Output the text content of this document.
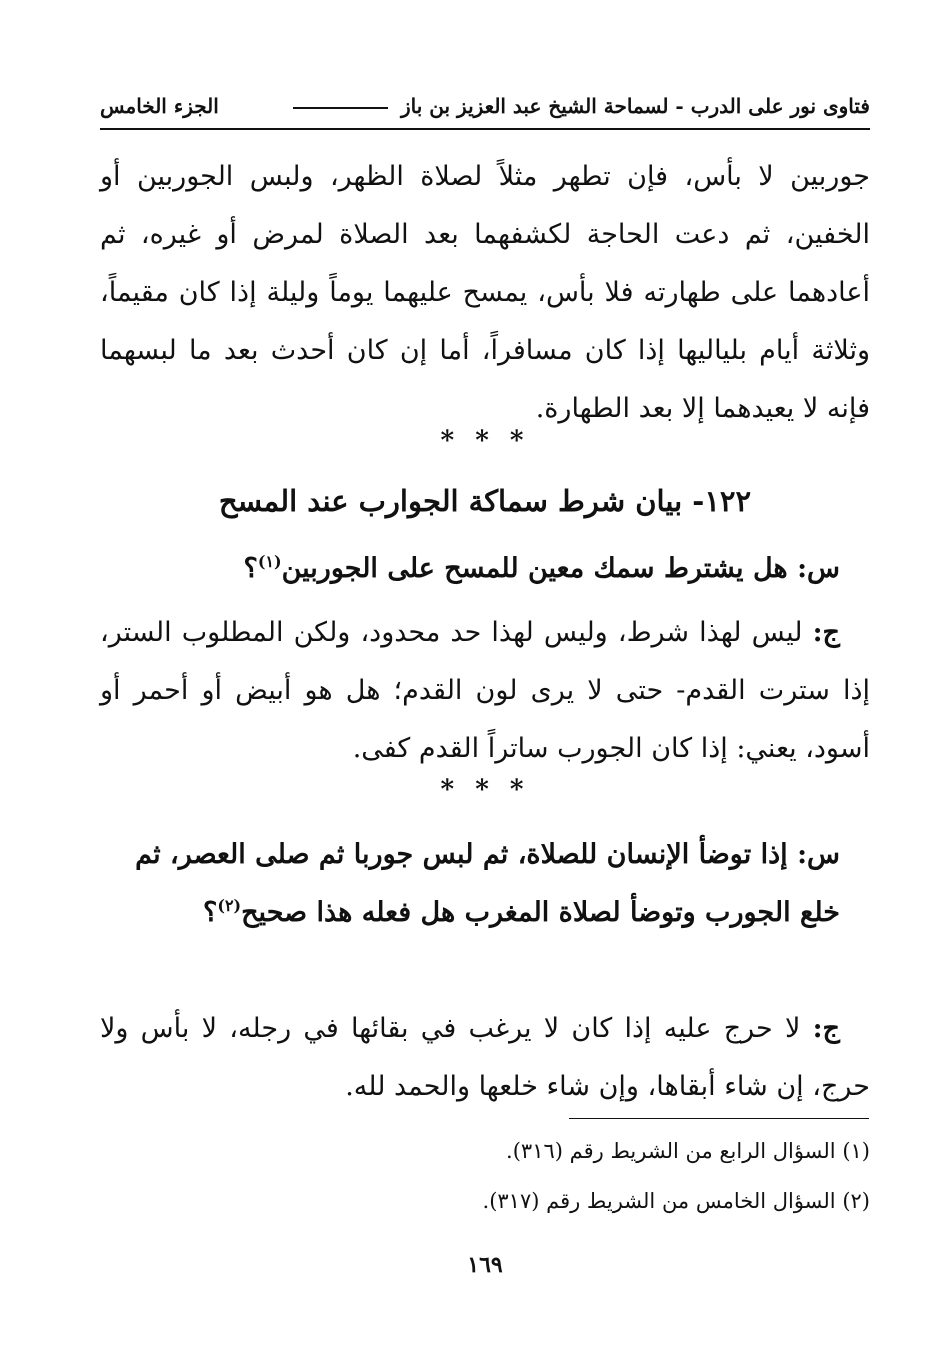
فتاوى نور على الدرب - لسماحة الشيخ عبد العزيز بن باز
الجزء الخامس
جوربين لا بأس، فإن تطهر مثلاً لصلاة الظهر، ولبس الجوربين أو الخفين، ثم دعت الحاجة لكشفهما بعد الصلاة لمرض أو غيره، ثم أعادهما على طهارته فلا بأس، يمسح عليهما يوماً وليلة إذا كان مقيماً، وثلاثة أيام بلياليها إذا كان مسافراً، أما إن كان أحدث بعد ما لبسهما فإنه لا يعيدهما إلا بعد الطهارة.
* * *
١٢٢- بيان شرط سماكة الجوارب عند المسح
س: هل يشترط سمك معين للمسح على الجوربين$^{(١)}$؟
ج: ليس لهذا شرط، وليس لهذا حد محدود، ولكن المطلوب الستر، إذا سترت القدم- حتى لا يرى لون القدم؛ هل هو أبيض أو أحمر أو أسود، يعني: إذا كان الجورب ساتراً القدم كفى.
* * *
س: إذا توضأ الإنسان للصلاة، ثم لبس جوربا ثم صلى العصر، ثم خلع الجورب وتوضأ لصلاة المغرب هل فعله هذا صحيح$^{(٢)}$؟
ج: لا حرج عليه إذا كان لا يرغب في بقائها في رجله، لا بأس ولا حرج، إن شاء أبقاها، وإن شاء خلعها والحمد لله.
(١) السؤال الرابع من الشريط رقم (٣١٦).
(٢) السؤال الخامس من الشريط رقم (٣١٧).
١٦٩
